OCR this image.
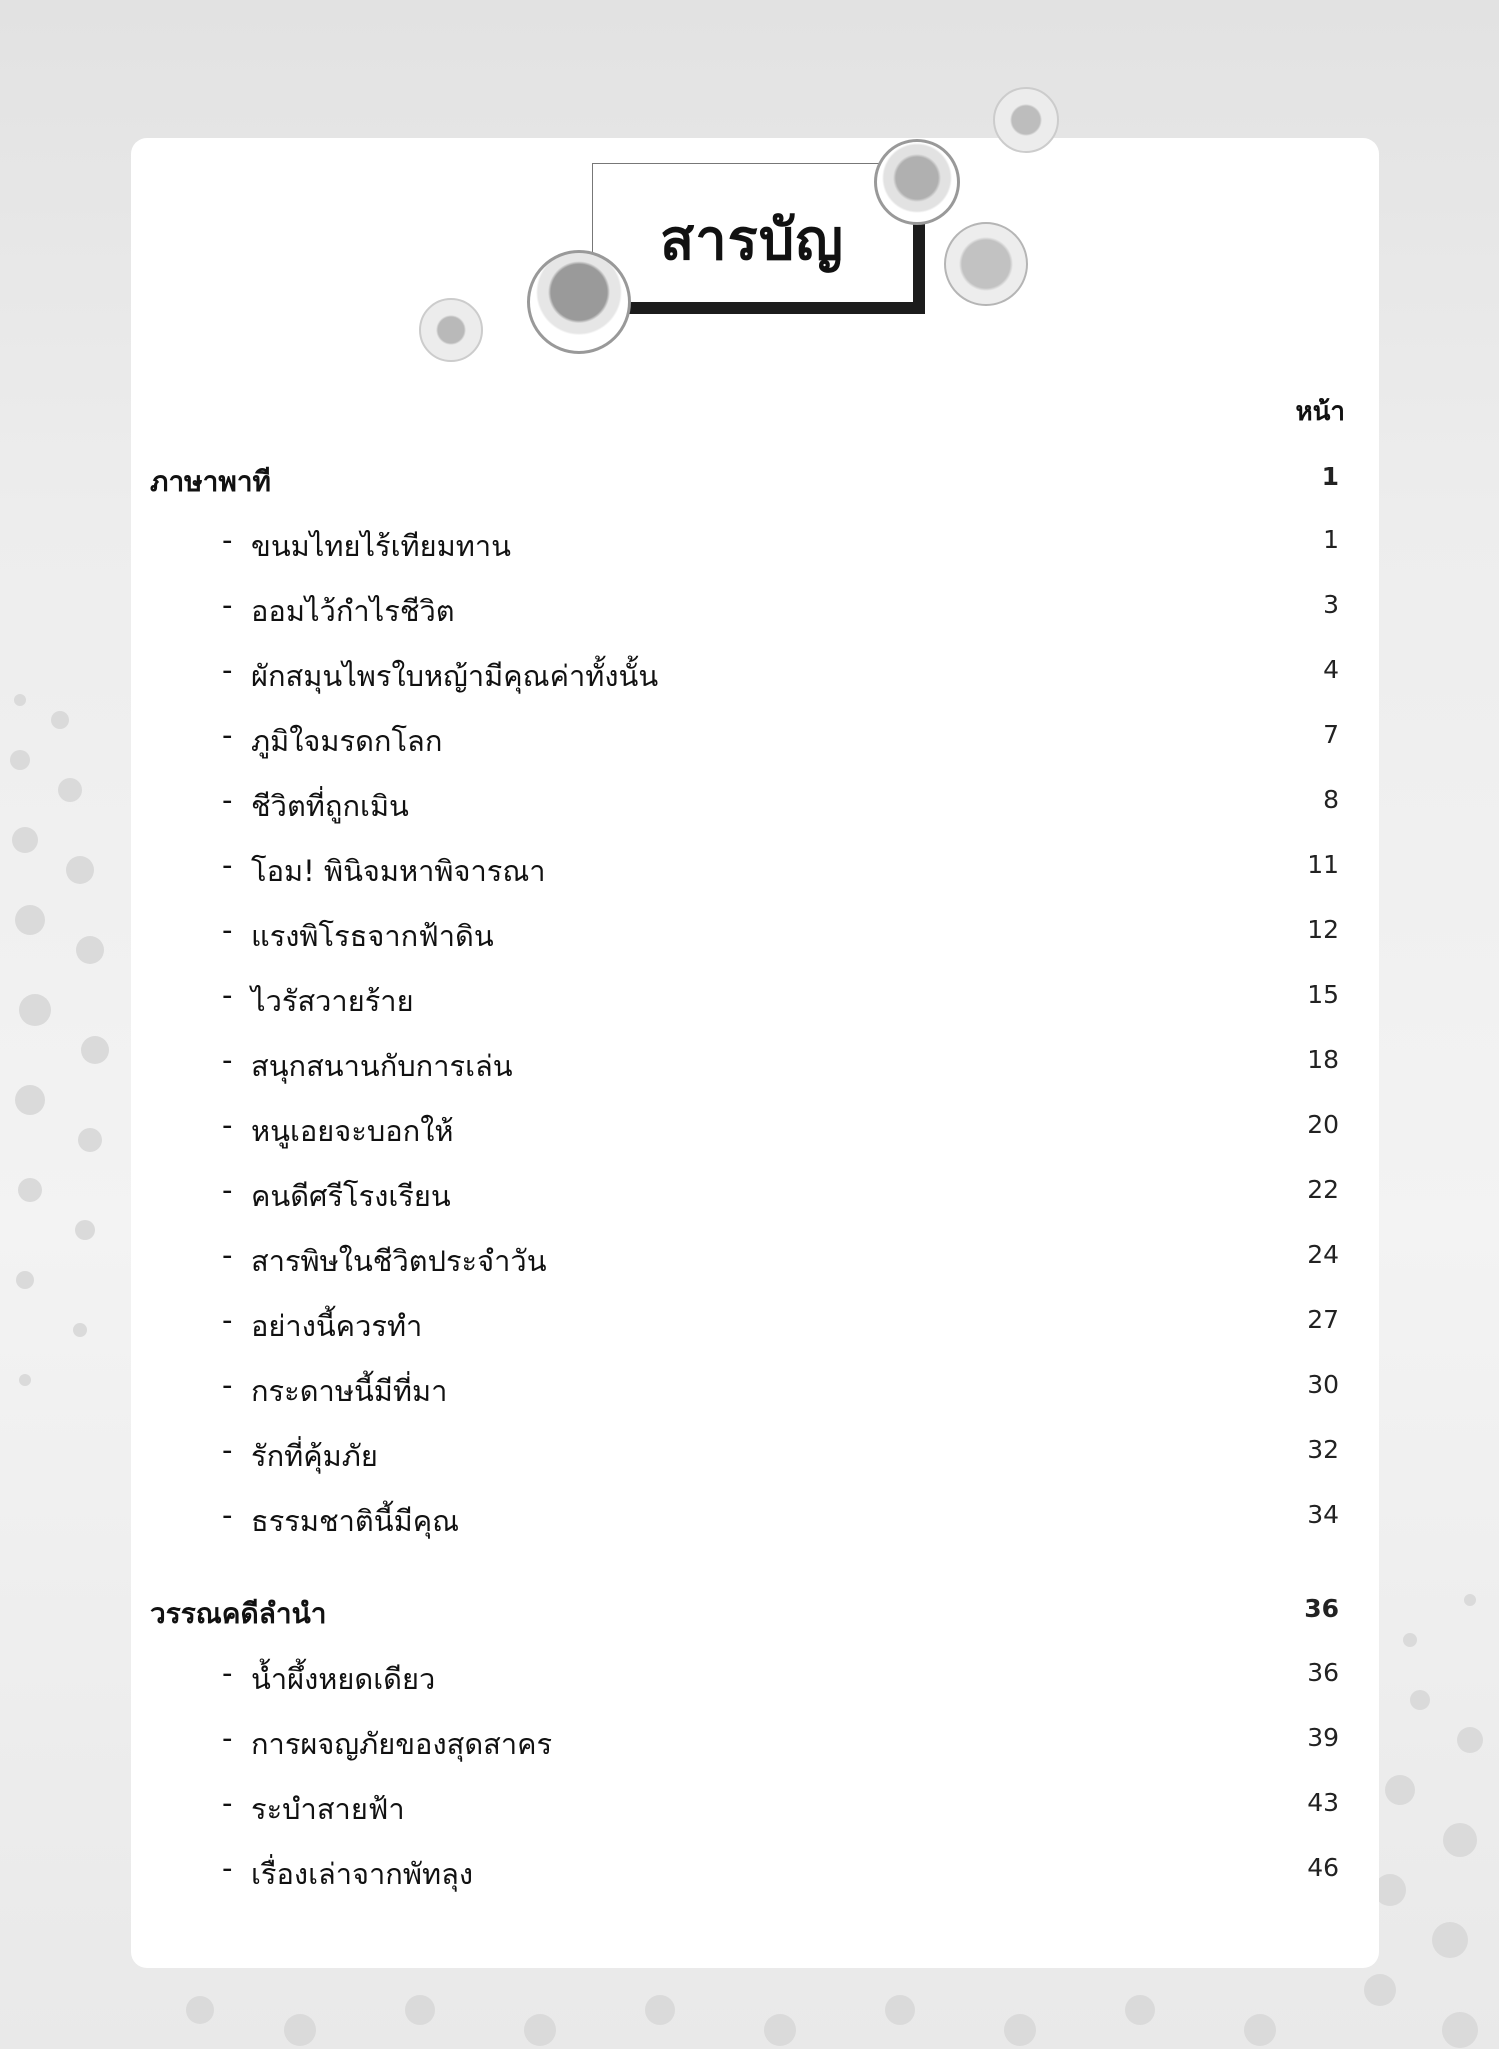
สารบัญ
หน้า
ภาษาพาที	1
- ขนมไทยไร้เทียมทาน	1
- ออมไว้กำไรชีวิต	3
- ผักสมุนไพรใบหญ้ามีคุณค่าทั้งนั้น	4
- ภูมิใจมรดกโลก	7
- ชีวิตที่ถูกเมิน	8
- โอม! พินิจมหาพิจารณา	11
- แรงพิโรธจากฟ้าดิน	12
- ไวรัสวายร้าย	15
- สนุกสนานกับการเล่น	18
- หนูเอยจะบอกให้	20
- คนดีศรีโรงเรียน	22
- สารพิษในชีวิตประจำวัน	24
- อย่างนี้ควรทำ	27
- กระดาษนี้มีที่มา	30
- รักที่คุ้มภัย	32
- ธรรมชาตินี้มีคุณ	34
วรรณคดีลำนำ	36
- น้ำผึ้งหยดเดียว	36
- การผจญภัยของสุดสาคร	39
- ระบำสายฟ้า	43
- เรื่องเล่าจากพัทลุง	46
